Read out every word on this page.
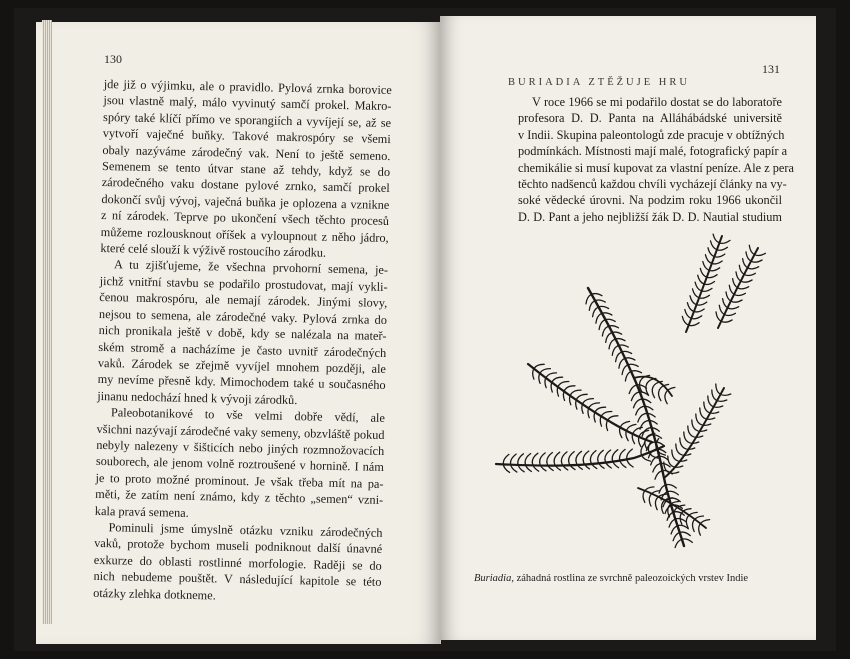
130
jde již o výjimku, ale o pravidlo. Pylová zrnka borovice
jsou vlastně malý, málo vyvinutý samčí prokel. Makro-
spóry také klíčí přímo ve sporangiích a vyvíjejí se, až se
vytvoří vaječné buňky. Takové makrospóry se všemi
obaly nazýváme zárodečný vak. Není to ještě semeno.
Semenem se tento útvar stane až tehdy, když se do
zárodečného vaku dostane pylové zrnko, samčí prokel
dokončí svůj vývoj, vaječná buňka je oplozena a vznikne
z ní zárodek. Teprve po ukončení všech těchto procesů
můžeme rozlousknout oříšek a vyloupnout z něho jádro,
které celé slouží k výživě rostoucího zárodku.
A tu zjišťujeme, že všechna prvohorní semena, je-
jichž vnitřní stavbu se podařilo prostudovat, mají vykli-
čenou makrospóru, ale nemají zárodek. Jinými slovy,
nejsou to semena, ale zárodečné vaky. Pylová zrnka do
nich pronikala ještě v době, kdy se nalézala na mateř-
ském stromě a nacházíme je často uvnitř zárodečných
vaků. Zárodek se zřejmě vyvíjel mnohem později, ale
my nevíme přesně kdy. Mimochodem také u současného
jinanu nedochází hned k vývoji zárodků.
Paleobotanikové to vše velmi dobře vědí, ale
všichni nazývají zárodečné vaky semeny, obzvláště pokud
nebyly nalezeny v šišticích nebo jiných rozmnožovacích
souborech, ale jenom volně roztroušené v hornině. I nám
je to proto možné prominout. Je však třeba mít na pa-
měti, že zatím není známo, kdy z těchto „semen“ vzni-
kala pravá semena.
Pominuli jsme úmyslně otázku vzniku zárodečných
vaků, protože bychom museli podniknout další únavné
exkurze do oblasti rostlinné morfologie. Raději se do
nich nebudeme pouštět. V následující kapitole se této
otázky zlehka dotkneme.
131
BURIADIA ZTĚŽUJE HRU
V roce 1966 se mi podařilo dostat se do laboratoře
profesora D. D. Panta na Alláhábádské universitě
v Indii. Skupina paleontologů zde pracuje v obtížných
podmínkách. Místnosti mají malé, fotografický papír a
chemikálie si musí kupovat za vlastní peníze. Ale z pera
těchto nadšenců každou chvíli vycházejí články na vy-
soké vědecké úrovni. Na podzim roku 1966 ukončil
D. D. Pant a jeho nejbližší žák D. D. Nautial studium
Buriadia, záhadná rostlina ze svrchně paleozoických vrstev Indie
